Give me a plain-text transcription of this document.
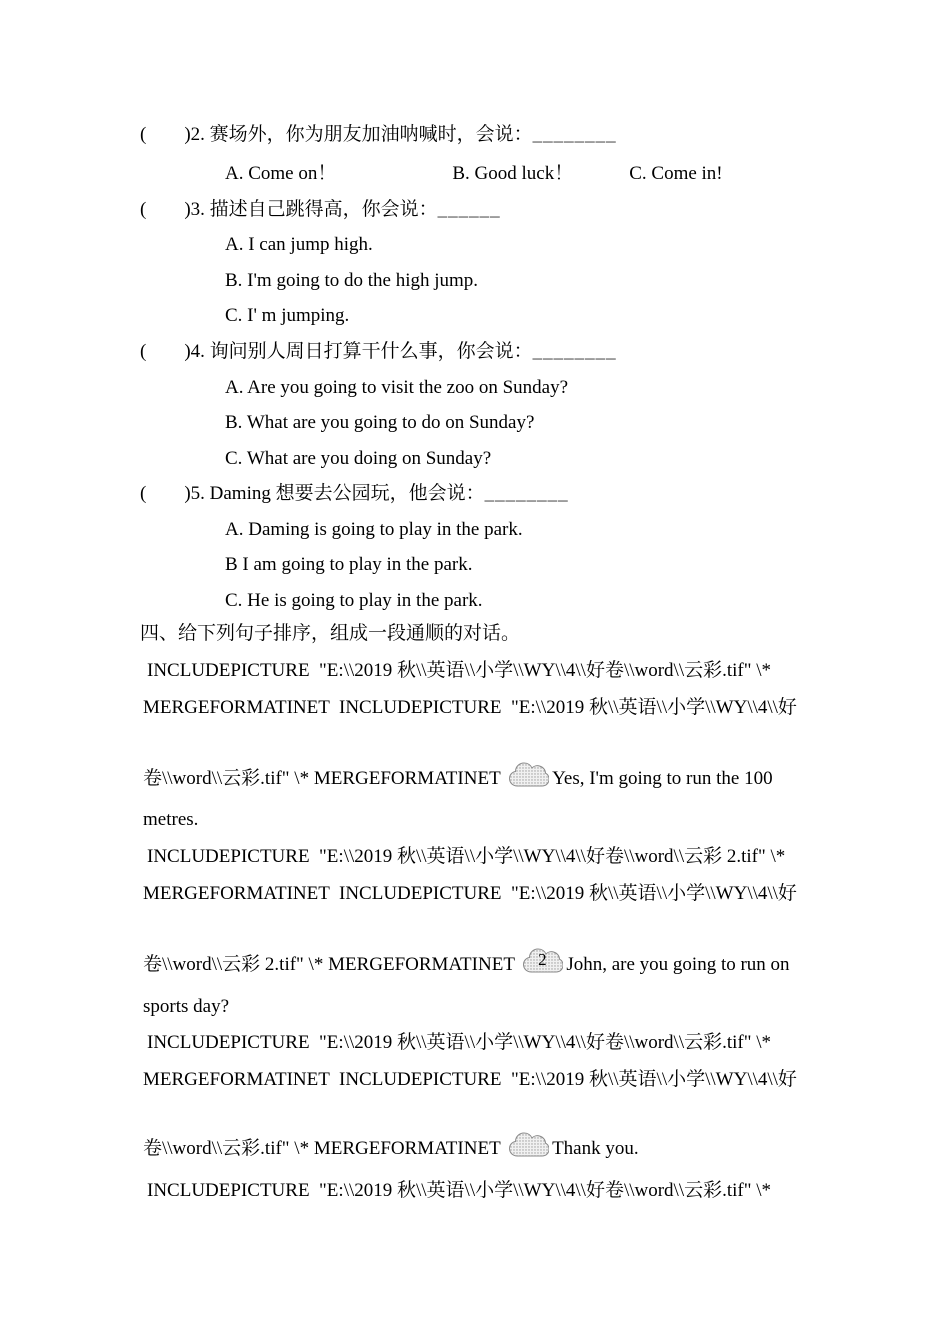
(        )2. 赛场外，你为朋友加油呐喊时，会说：________
A. Come on！	B. Good luck！	C. Come in!
(        )3. 描述自己跳得高，你会说：______
A. I can jump high.
B. I'm going to do the high jump.
C. I' m jumping.
(        )4. 询问别人周日打算干什么事，你会说：________
A. Are you going to visit the zoo on Sunday?
B. What are you going to do on Sunday?
C. What are you doing on Sunday?
(        )5. Daming 想要去公园玩，他会说：________
A. Daming is going to play in the park.
B I am going to play in the park.
C. He is going to play in the park.
四、给下列句子排序，组成一段通顺的对话。
INCLUDEPICTURE  "E:\\2019 秋\\英语\\小学\\WY\\4\\好卷\\word\\云彩.tif" \*
MERGEFORMATINET  INCLUDEPICTURE  "E:\\2019 秋\\英语\\小学\\WY\\4\\好
卷\\word\\云彩.tif" \* MERGEFORMATINET
Yes, I'm going to run the 100
metres.
INCLUDEPICTURE  "E:\\2019 秋\\英语\\小学\\WY\\4\\好卷\\word\\云彩 2.tif" \*
MERGEFORMATINET  INCLUDEPICTURE  "E:\\2019 秋\\英语\\小学\\WY\\4\\好
卷\\word\\云彩 2.tif" \* MERGEFORMATINET	2	John, are you going to run on
sports day?
INCLUDEPICTURE  "E:\\2019 秋\\英语\\小学\\WY\\4\\好卷\\word\\云彩.tif" \*
MERGEFORMATINET  INCLUDEPICTURE  "E:\\2019 秋\\英语\\小学\\WY\\4\\好
卷\\word\\云彩.tif" \* MERGEFORMATINET
Thank you.
INCLUDEPICTURE  "E:\\2019 秋\\英语\\小学\\WY\\4\\好卷\\word\\云彩.tif" \*
